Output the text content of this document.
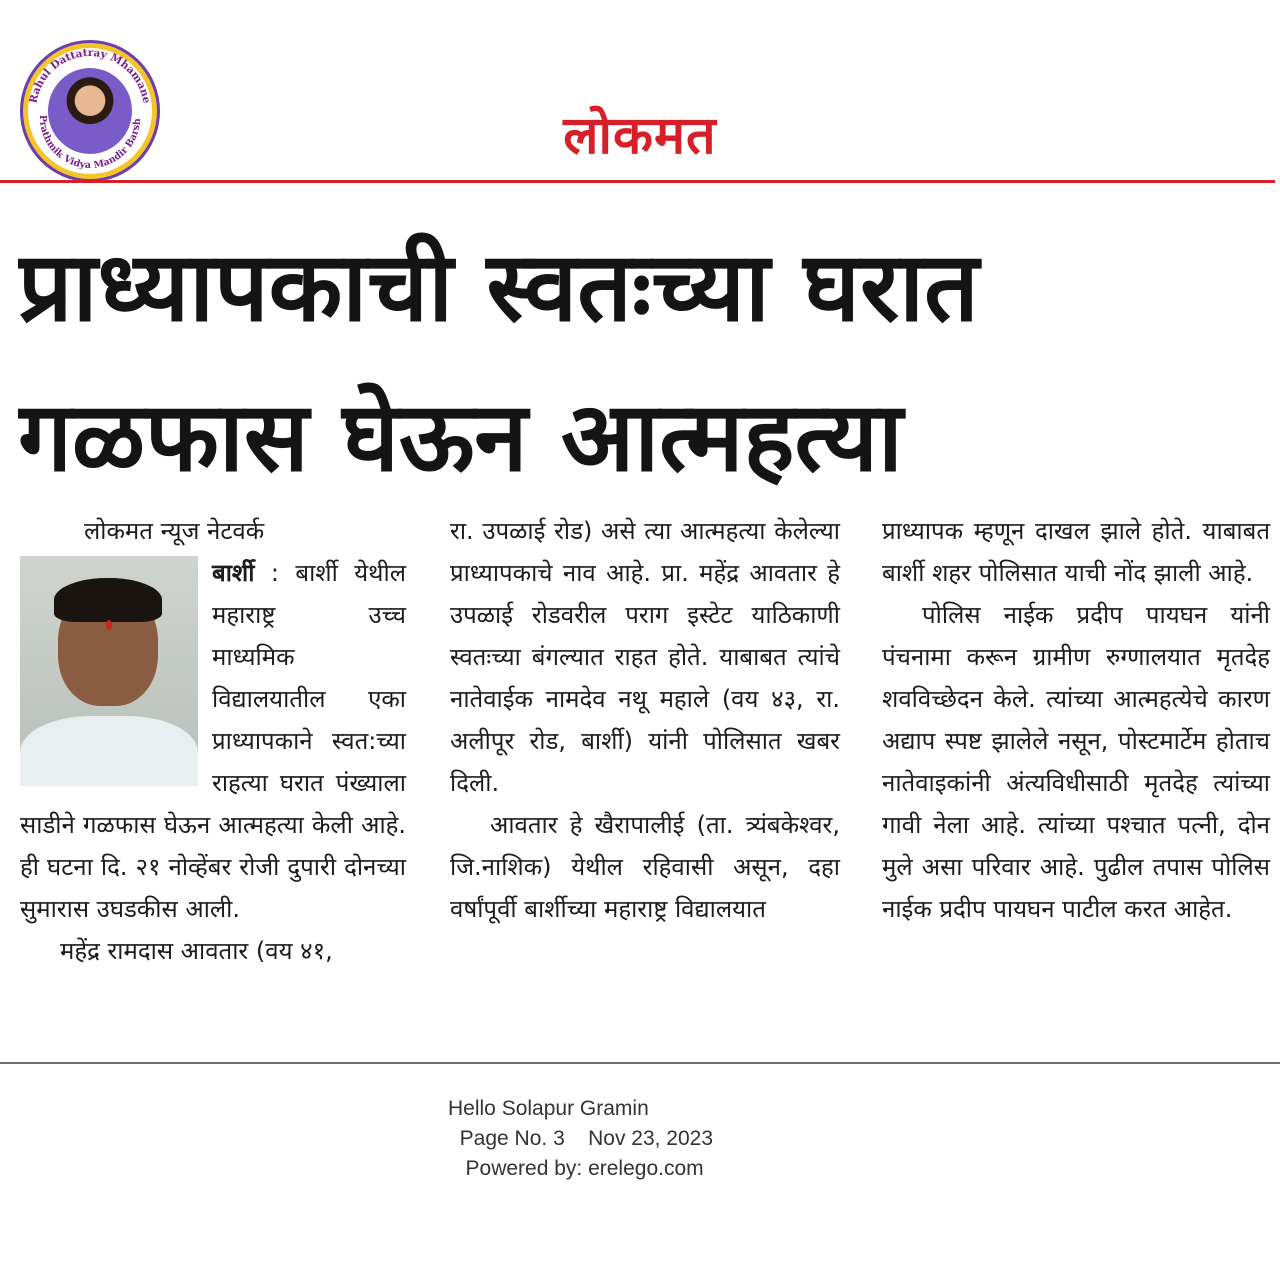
Rahul Dattatray Mhamane
Prathmik Vidya Mandir Barsh	लोकमत
प्राध्यापकाची स्वतःच्या घरात
गळफास घेऊन आत्महत्या

लोकमत न्यूज नेटवर्क

बार्शी : बार्शी येथील महाराष्ट्र उच्च माध्यमिक विद्यालयातील एका प्राध्यापकाने स्वत:च्या राहत्या घरात पंख्याला साडीने गळफास घेऊन आत्महत्या केली आहे. ही घटना दि. २१ नोव्हेंबर रोजी दुपारी दोनच्या सुमारास उघडकीस आली.

महेंद्र रामदास आवतार (वय ४१,

रा. उपळाई रोड) असे त्या आत्महत्या केलेल्या प्राध्यापकाचे नाव आहे. प्रा. महेंद्र आवतार हे उपळाई रोडवरील पराग इस्टेट याठिकाणी स्वतःच्या बंगल्यात राहत होते. याबाबत त्यांचे नातेवाईक नामदेव नथू महाले (वय ४३, रा. अलीपूर रोड, बार्शी) यांनी पोलिसात खबर दिली.

आवतार हे खैरापालीई (ता. त्र्यंबकेश्वर, जि.नाशिक) येथील रहिवासी असून, दहा वर्षांपूर्वी बार्शीच्या महाराष्ट्र विद्यालयात

प्राध्यापक म्हणून दाखल झाले होते. याबाबत बार्शी शहर पोलिसात याची नोंद झाली आहे.

पोलिस नाईक प्रदीप पायघन यांनी पंचनामा करून ग्रामीण रुग्णालयात मृतदेह शवविच्छेदन केले. त्यांच्या आत्महत्येचे कारण अद्याप स्पष्ट झालेले नसून, पोस्टमार्टेम होताच नातेवाइकांनी अंत्यविधीसाठी मृतदेह त्यांच्या गावी नेला आहे. त्यांच्या पश्चात पत्नी, दोन मुले असा परिवार आहे. पुढील तपास पोलिस नाईक प्रदीप पायघन पाटील करत आहेत.

Hello Solapur Gramin
Page No. 3 Nov 23, 2023
Powered by: erelego.com
